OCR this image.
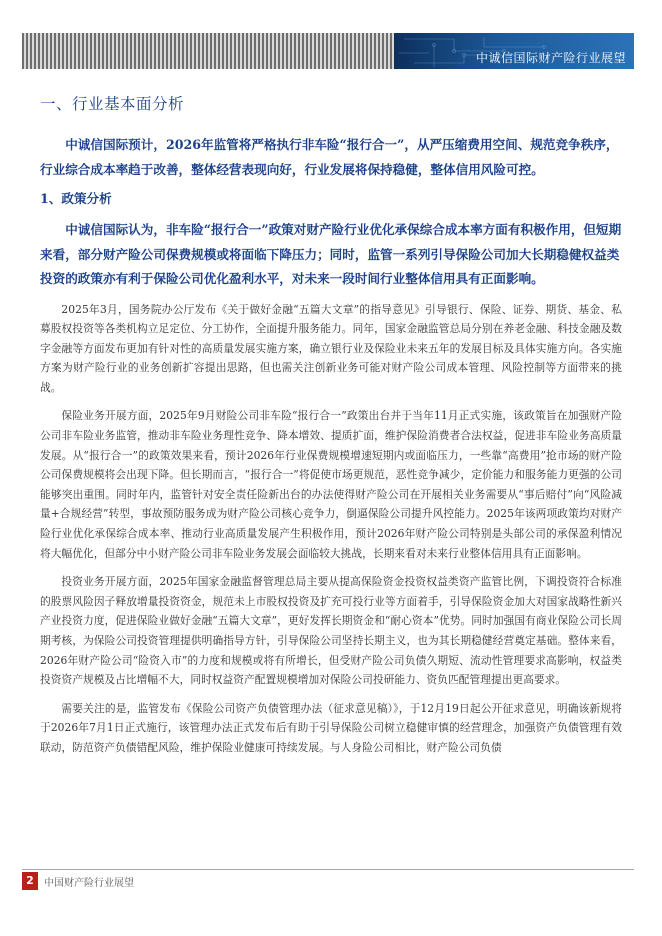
中诚信国际财产险行业展望
一、行业基本面分析

中诚信国际预计，2026年监管将严格执行非车险“报行合一”，从严压缩费用空间、规范竞争秩序，行业综合成本率趋于改善，整体经营表现向好，行业发展将保持稳健，整体信用风险可控。

1、政策分析

中诚信国际认为，非车险“报行合一”政策对财产险行业优化承保综合成本率方面有积极作用，但短期来看，部分财产险公司保费规模或将面临下降压力；同时，监管一系列引导保险公司加大长期稳健权益类投资的政策亦有利于保险公司优化盈利水平，对未来一段时间行业整体信用具有正面影响。

2025年3月，国务院办公厅发布《关于做好金融“五篇大文章”的指导意见》引导银行、保险、证券、期货、基金、私募股权投资等各类机构立足定位、分工协作，全面提升服务能力。同年，国家金融监管总局分别在养老金融、科技金融及数字金融等方面发布更加有针对性的高质量发展实施方案，确立银行业及保险业未来五年的发展目标及具体实施方向。各实施方案为财产险行业的业务创新扩容提出思路，但也需关注创新业务可能对财产险公司成本管理、风险控制等方面带来的挑战。

保险业务开展方面，2025年9月财险公司非车险“报行合一”政策出台并于当年11月正式实施，该政策旨在加强财产险公司非车险业务监管，推动非车险业务理性竞争、降本增效、提质扩面，维护保险消费者合法权益，促进非车险业务高质量发展。从“报行合一”的政策效果来看，预计2026年行业保费规模增速短期内或面临压力，一些靠“高费用”抢市场的财产险公司保费规模将会出现下降。但长期而言，“报行合一”将促使市场更规范，恶性竞争减少，定价能力和服务能力更强的公司能够突出重围。同时年内，监管针对安全责任险新出台的办法使得财产险公司在开展相关业务需要从“事后赔付”向“风险减量+合规经营”转型，事故预防服务成为财产险公司核心竞争力，倒逼保险公司提升风控能力。2025年该两项政策均对财产险行业优化承保综合成本率、推动行业高质量发展产生积极作用，预计2026年财产险公司特别是头部公司的承保盈利情况将大幅优化，但部分中小财产险公司非车险业务发展会面临较大挑战，长期来看对未来行业整体信用具有正面影响。

投资业务开展方面，2025年国家金融监督管理总局主要从提高保险资金投资权益类资产监管比例，下调投资符合标准的股票风险因子释放增量投资资金，规范未上市股权投资及扩充可投行业等方面着手，引导保险资金加大对国家战略性新兴产业投资力度，促进保险业做好金融“五篇大文章”，更好发挥长期资金和“耐心资本”优势。同时加强国有商业保险公司长周期考核，为保险公司投资管理提供明确指导方针，引导保险公司坚持长期主义，也为其长期稳健经营奠定基础。整体来看，2026年财产险公司“险资入市”的力度和规模或将有所增长，但受财产险公司负债久期短、流动性管理要求高影响，权益类投资资产规模及占比增幅不大，同时权益资产配置规模增加对保险公司投研能力、资负匹配管理提出更高要求。

需要关注的是，监管发布《保险公司资产负债管理办法（征求意见稿）》，于12月19日起公开征求意见，明确该新规将于2026年7月1日正式施行，该管理办法正式发布后有助于引导保险公司树立稳健审慎的经营理念，加强资产负债管理有效联动，防范资产负债错配风险，维护保险业健康可持续发展。与人身险公司相比，财产险公司负债

2	中国财产险行业展望
